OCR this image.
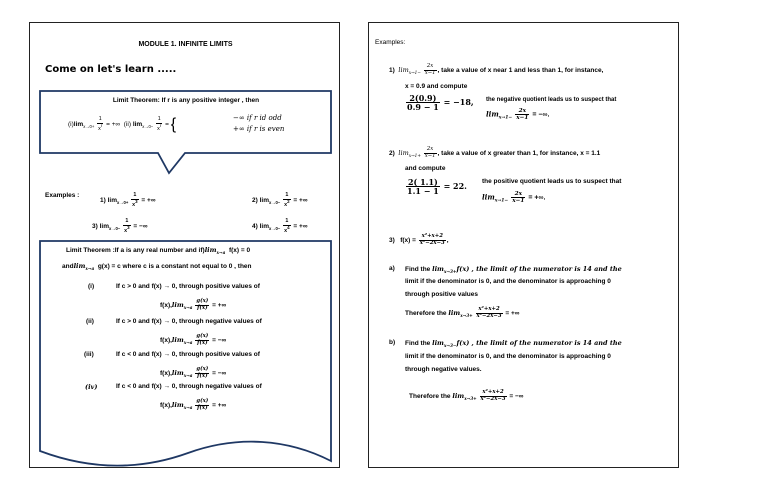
MODULE 1. INFINITE LIMITS
Come on let's learn .....
Limit Theorem: If r is any positive integer , then
$(i)\lim_{x\to 0+} \frac{1}{x^r}$ = +∞ (ii) $\lim_{x\to 0-} \frac{1}{x^r}$ = {	−∞ if r id odd
+∞ if r is even
Examples :
1) $\lim_{x\to 0+} \frac{1}{x^3}$ = +∞	2) $\lim_{x\to 0-} \frac{1}{x^2}$ = +∞
3) $\lim_{x\to 0-} \frac{1}{x^3}$ = −∞	4) $\lim_{x\to 0-} \frac{1}{x^4}$ = +∞
Limit Theorem :If a is any real number and $if)\lim_{x\to a}$ f(x) = 0
andlim$_{x\to a}$ g(x) = c where c is a constant not equal to 0 , then
(i)	If c > 0 and f(x) → 0, through positive values of
$f(x),\lim_{x\to a} \frac{g(x)}{f(x)}$ = +∞
(ii)	If c > 0 and f(x) → 0, through negative values of
$f(x),\lim_{x\to a} \frac{g(x)}{f(x)}$ = −∞
(iii)	If c < 0 and f(x) → 0, through positive values of
$f(x),\lim_{x\to a} \frac{g(x)}{f(x)}$ = −∞
(iv)	If c < 0 and f(x) → 0, through negative values of
$f(x),\lim_{x\to a} \frac{g(x)}{f(x)}$ = +∞
Examples:
1) $\lim_{x\to 1-} \frac{2x}{x-1}$ , take a value of x near 1 and less than 1, for instance,
x = 0.9 and compute
$\frac{2(0.9)}{0.9 - 1} = -18$, the negative quotient leads us to suspect that
$\lim_{x\to 1-} \frac{2x}{x-1}$ = −∞.
2) $\lim_{x\to 1+} \frac{2x}{x-1}$ , take a value of x greater than 1, for instance, x = 1.1
and compute
$\frac{2( 1.1)}{1.1 - 1} = 22$. the positive quotient leads us to suspect that
$\lim_{x\to 1-} \frac{2x}{x-1}$ = +∞.
3) $f(x) = \frac{\text{x²+x+2}}{\text{x²−2x−3}}$ ,
a) Find the $\lim_{x\to 3+}f(x)$ , the limit of the numerator is 14 and the
limit if the denominator is 0, and the denominator is approaching 0
through positive values
Therefore the $\lim_{x\to 3+} \frac{\text{x²+x+2}}{\text{x²−2x−3}}$ = +∞
b) Find the $\lim_{x\to 3-}f(x)$ , the limit of the numerator is 14 and the
limit if the denominator is 0, and the denominator is approaching 0
through negative values.
Therefore the $\lim_{x\to 3+} \frac{\text{x²+x+2}}{\text{x²−2x−3}}$ = −∞
